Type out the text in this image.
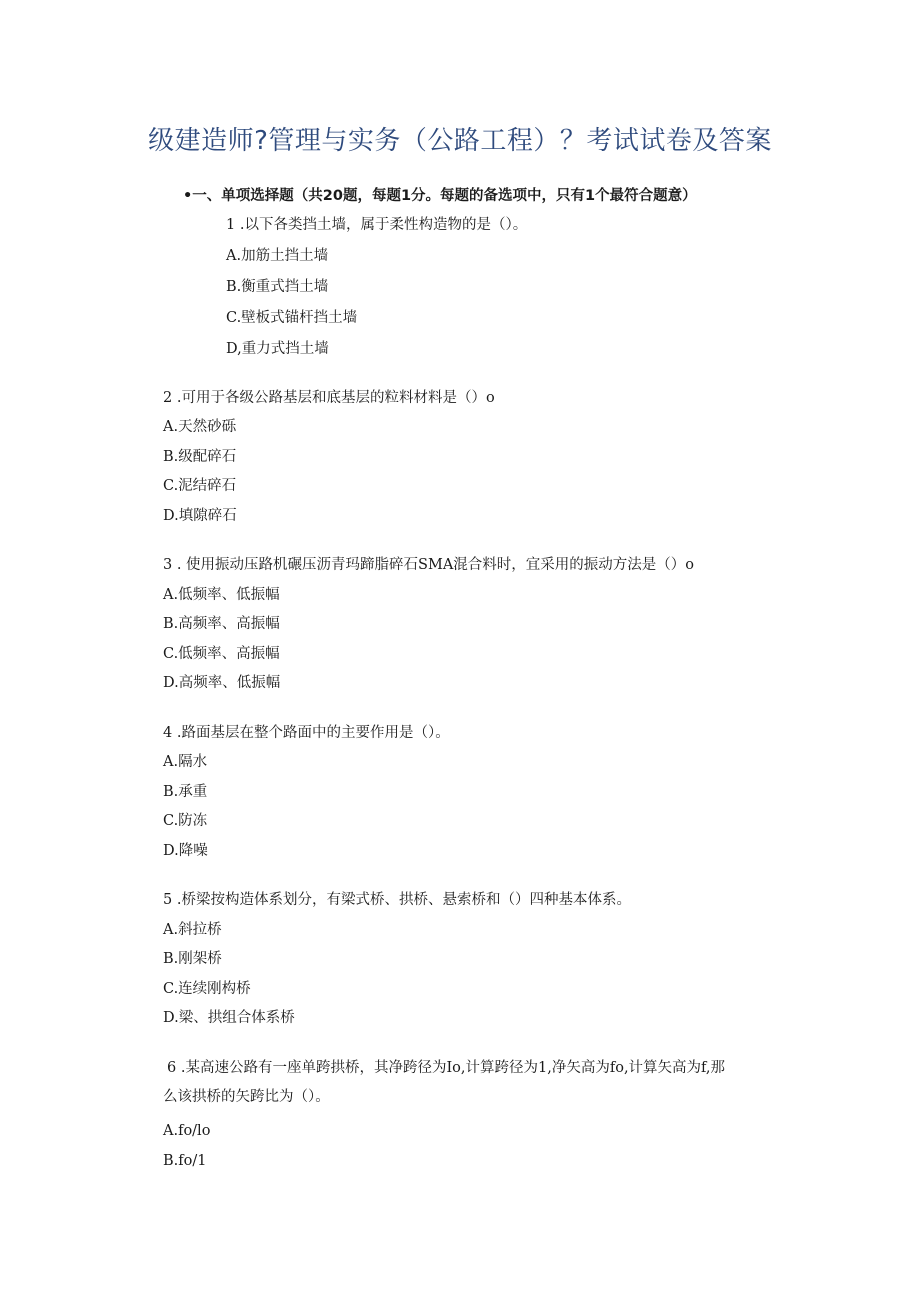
级建造师?管理与实务（公路工程）？考试试卷及答案
•一、单项选择题（共20题，每题1分。每题的备选项中，只有1个最符合题意）
1 .以下各类挡土墙，属于柔性构造物的是（）。
A.加筋土挡土墙
B.衡重式挡土墙
C.壁板式锚杆挡土墙
D,重力式挡土墙
2 .可用于各级公路基层和底基层的粒料材料是（）o
A.天然砂砾
B.级配碎石
C.泥结碎石
D.填隙碎石
3 . 使用振动压路机碾压沥青玛蹄脂碎石SMA混合料时，宜采用的振动方法是（）o
A.低频率、低振幅
B.高频率、高振幅
C.低频率、高振幅
D.高频率、低振幅
4 .路面基层在整个路面中的主要作用是（）。
A.隔水
B.承重
C.防冻
D.降噪
5 .桥梁按构造体系划分，有梁式桥、拱桥、悬索桥和（）四种基本体系。
A.斜拉桥
B.刚架桥
C.连续刚构桥
D.梁、拱组合体系桥
6 .某高速公路有一座单跨拱桥，其净跨径为Io,计算跨径为1,净矢高为fo,计算矢高为f,那
么该拱桥的矢跨比为（）。
A.fo/lo
B.fo/1
